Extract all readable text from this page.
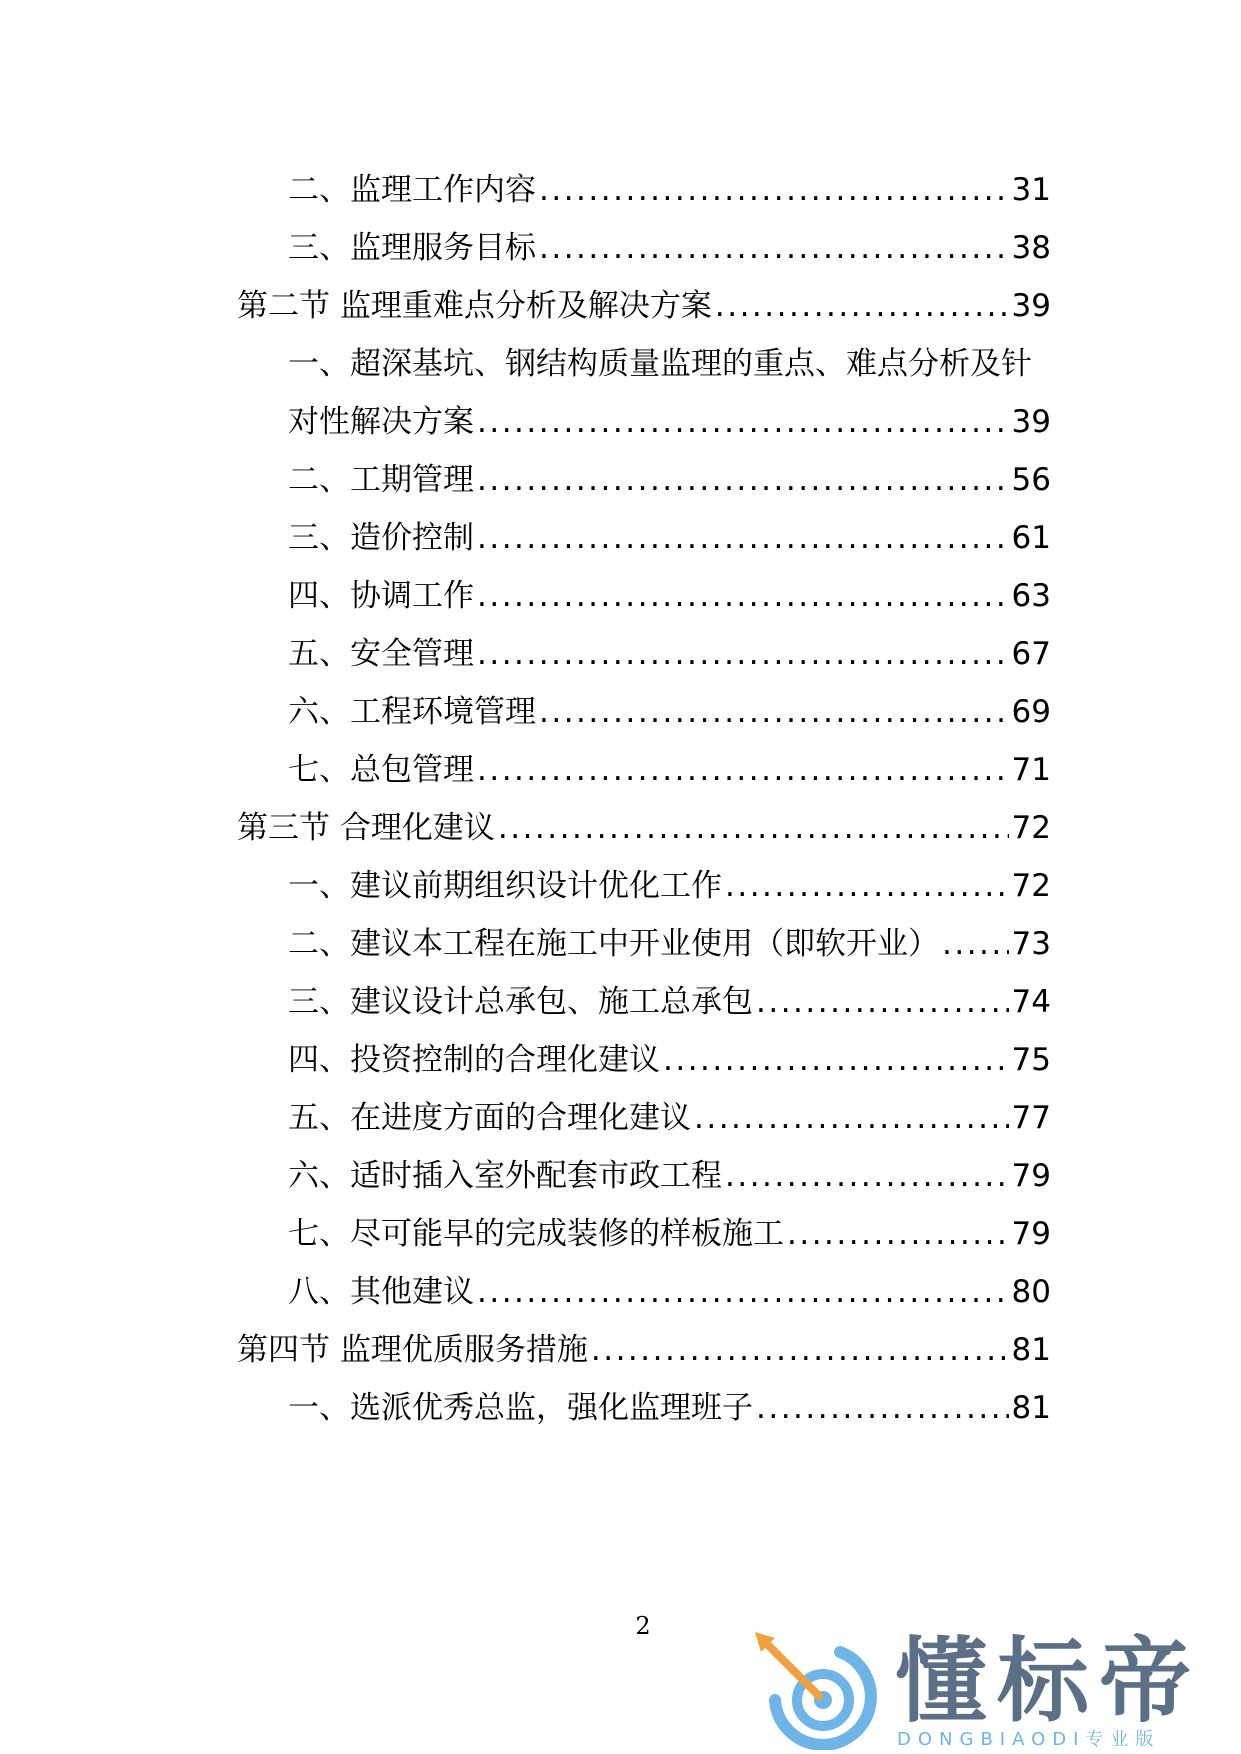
二、监理工作内容 .....	31
三、监理服务目标 .....	38
第二节 监理重难点分析及解决方案 .....	39
一、超深基坑、钢结构质量监理的重点、难点分析及针
对性解决方案 .....	39
二、工期管理 .....	56
三、造价控制 .....	61
四、协调工作 .....	63
五、安全管理 .....	67
六、工程环境管理 .....	69
七、总包管理 .....	71
第三节 合理化建议 .....	72
一、建议前期组织设计优化工作 .....	72
二、建议本工程在施工中开业使用（即软开业） ..... 73
三、建议设计总承包、施工总承包 .....	74
四、投资控制的合理化建议 .....	75
五、在进度方面的合理化建议 .....	77
六、适时插入室外配套市政工程 .....	79
七、尽可能早的完成装修的样板施工 .....	79
八、其他建议 .....	80
第四节 监理优质服务措施 .....	81
一、选派优秀总监，强化监理班子 .....	81
2
懂标帝
DONGBIAODI专业版
